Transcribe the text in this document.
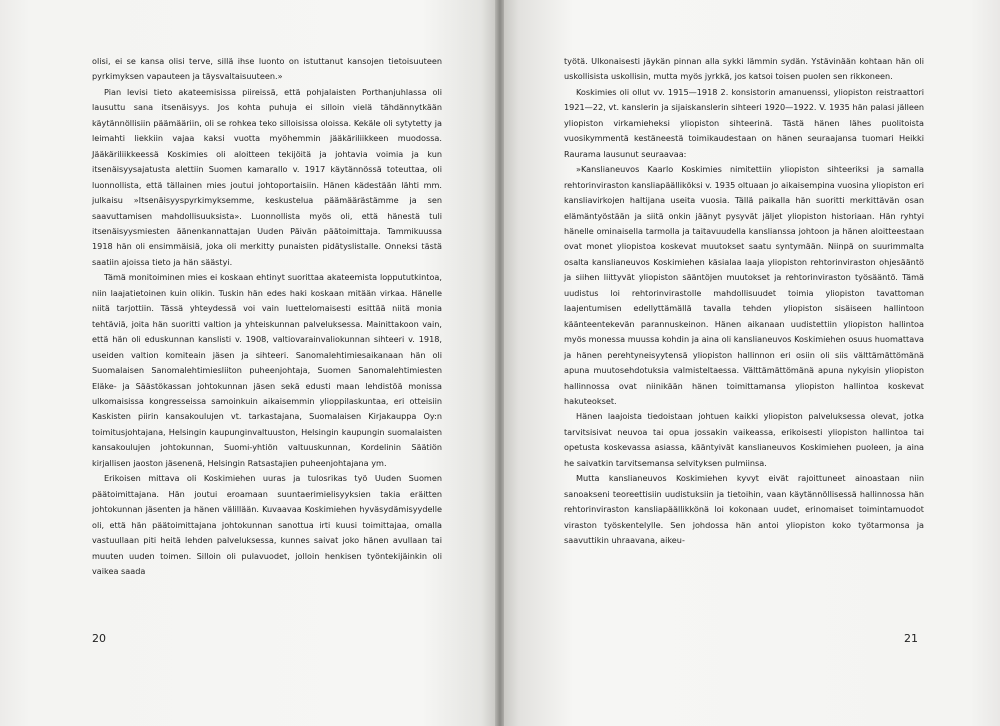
olisi, ei se kansa olisi terve, sillä ihse luonto on istuttanut kansojen tietoisuuteen pyrkimyksen vapauteen ja täysvaltaisuuteen.»

Pian levisi tieto akateemisissa piireissä, että pohjalaisten Porthanjuhlassa oli lausuttu sana itsenäisyys. Jos kohta puhuja ei silloin vielä tähdännytkään käytännöllisiin päämääriin, oli se rohkea teko silloisissa oloissa. Kekäle oli sytytetty ja leimahti liekkiin vajaa kaksi vuotta myöhemmin jääkäriliikkeen muodossa. Jääkäriliikkeessä Koskimies oli aloitteen tekijöitä ja johtavia voimia ja kun itsenäisyysajatusta alettiin Suomen kamarallo v. 1917 käytännössä toteuttaa, oli luonnollista, että tällainen mies joutui johtoportaisiin. Hänen kädestään lähti mm. julkaisu »Itsenäisyyspyrkimyksemme, keskustelua päämäärästämme ja sen saavuttamisen mahdollisuuksista». Luonnollista myös oli, että hänestä tuli itsenäisyysmiesten äänenkannattajan Uuden Päivän päätoimittaja. Tammikuussa 1918 hän oli ensimmäisiä, joka oli merkitty punaisten pidätyslistalle. Onneksi tästä saatiin ajoissa tieto ja hän säästyi.

Tämä monitoiminen mies ei koskaan ehtinyt suorittaa akateemista loppututkintoa, niin laajatietoinen kuin olikin. Tuskin hän edes haki koskaan mitään virkaa. Hänelle niitä tarjottiin. Tässä yhteydessä voi vain luettelomaisesti esittää niitä monia tehtäviä, joita hän suoritti valtion ja yhteiskunnan palveluksessa. Mainittakoon vain, että hän oli eduskunnan kanslisti v. 1908, valtiovarainvaliokunnan sihteeri v. 1918, useiden valtion komiteain jäsen ja sihteeri. Sanomalehtimiesaikanaan hän oli Suomalaisen Sanomalehtimiesliiton puheenjohtaja, Suomen Sanomalehtimiesten Eläke- ja Säästökassan johtokunnan jäsen sekä edusti maan lehdistöä monissa ulkomaisissa kongresseissa samoinkuin aikaisemmin ylioppilaskuntaa, eri otteisiin Kaskisten piirin kansakoulujen vt. tarkastajana, Suomalaisen Kirjakauppa Oy:n toimitusjohtajana, Helsingin kaupunginvaltuuston, Helsingin kaupungin suomalaisten kansakoulujen johtokunnan, Suomi-yhtiön valtuuskunnan, Kordelinin Säätiön kirjallisen jaoston jäsenenä, Helsingin Ratsastajien puheenjohtajana ym.

Erikoisen mittava oli Koskimiehen uuras ja tulosrikas työ Uuden Suomen päätoimittajana. Hän joutui eroamaan suuntaerimielisyyksien takia eräitten johtokunnan jäsenten ja hänen välillään. Kuvaavaa Koskimiehen hyväsydämisyydelle oli, että hän päätoimittajana johtokunnan sanottua irti kuusi toimittajaa, omalla vastuullaan piti heitä lehden palveluksessa, kunnes saivat joko hänen avullaan tai muuten uuden toimen. Silloin oli pulavuodet, jolloin henkisen työntekijäinkin oli vaikea saada

20

työtä. Ulkonaisesti jäykän pinnan alla sykki lämmin sydän. Ystävinään kohtaan hän oli uskollisista uskollisin, mutta myös jyrkkä, jos katsoi toisen puolen sen rikkoneen.

Koskimies oli ollut vv. 1915—1918 2. konsistorin amanuenssi, yliopiston reistraattori 1921—22, vt. kanslerin ja sijaiskanslerin sihteeri 1920—1922. V. 1935 hän palasi jälleen yliopiston virkamieheksi yliopiston sihteerinä. Tästä hänen lähes puolitoista vuosikymmentä kestäneestä toimikaudestaan on hänen seuraajansa tuomari Heikki Raurama lausunut seuraavaa:

»Kanslianeuvos Kaarlo Koskimies nimitettiin yliopiston sihteeriksi ja samalla rehtorinviraston kansliapäälliköksi v. 1935 oltuaan jo aikaisempina vuosina yliopiston eri kansliavirkojen haltijana useita vuosia. Tällä paikalla hän suoritti merkittävän osan elämäntyöstään ja siitä onkin jäänyt pysyvät jäljet yliopiston historiaan. Hän ryhtyi hänelle ominaisella tarmolla ja taitavuudella kanslianssa johtoon ja hänen aloitteestaan ovat monet yliopistoa koskevat muutokset saatu syntymään. Niinpä on suurimmalta osalta kanslianeuvos Koskimiehen käsialaa laaja yliopiston rehtorinviraston ohjesääntö ja siihen liittyvät yliopiston sääntöjen muutokset ja rehtorinviraston työsääntö. Tämä uudistus loi rehtorinvirastolle mahdollisuudet toimia yliopiston tavattoman laajentumisen edellyttämällä tavalla tehden yliopiston sisäiseen hallintoon käänteentekevän parannuskeinon. Hänen aikanaan uudistettiin yliopiston hallintoa myös monessa muussa kohdin ja aina oli kanslianeuvos Koskimiehen osuus huomattava ja hänen perehtyneisyytensä yliopiston hallinnon eri osiin oli siis välttämättömänä apuna muutosehdotuksia valmisteltaessa. Välttämättömänä apuna nykyisin yliopiston hallinnossa ovat niinikään hänen toimittamansa yliopiston hallintoa koskevat hakuteokset.

Hänen laajoista tiedoistaan johtuen kaikki yliopiston palveluksessa olevat, jotka tarvitsisivat neuvoa tai opua jossakin vaikeassa, erikoisesti yliopiston hallintoa tai opetusta koskevassa asiassa, kääntyivät kanslianeuvos Koskimiehen puoleen, ja aina he saivatkin tarvitsemansa selvityksen pulmiinsa.

Mutta kanslianeuvos Koskimiehen kyvyt eivät rajoittuneet ainoastaan niin sanoakseni teoreettisiin uudistuksiin ja tietoihin, vaan käytännöllisessä hallinnossa hän rehtorinviraston kansliapäällikkönä loi kokonaan uudet, erinomaiset toimintamuodot viraston työskentelylle. Sen johdossa hän antoi yliopiston koko työtarmonsa ja saavuttikin uhraavana, aikeu-

21
